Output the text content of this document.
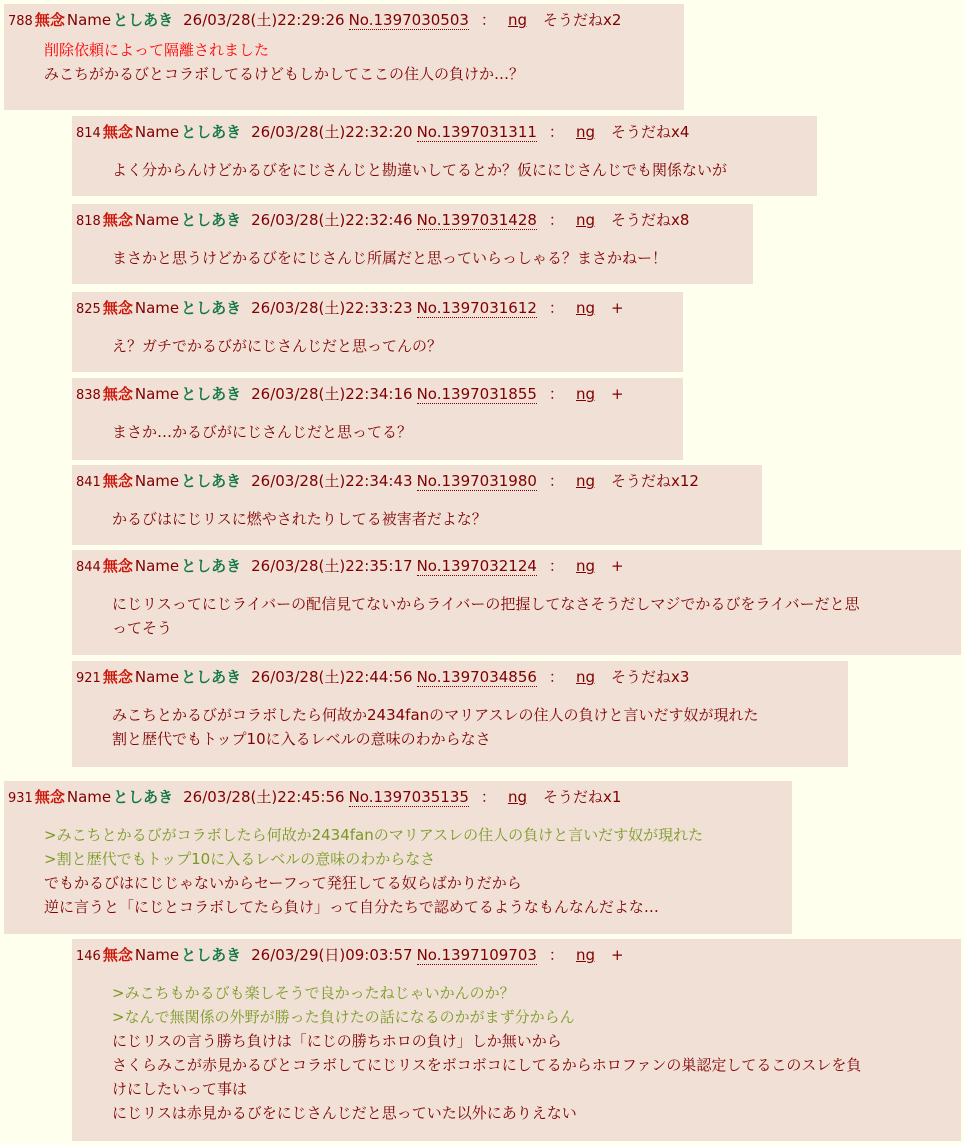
788 無念 Name としあき 26/03/28(土)22:29:26 No.1397030503 ： ng そうだねx2
削除依頼によって隔離されました
みこちがかるびとコラボしてるけどもしかしてここの住人の負けか…？
814 無念 Name としあき 26/03/28(土)22:32:20 No.1397031311 ： ng そうだねx4
よく分からんけどかるびをにじさんじと勘違いしてるとか？仮ににじさんじでも関係ないが
818 無念 Name としあき 26/03/28(土)22:32:46 No.1397031428 ： ng そうだねx8
まさかと思うけどかるびをにじさんじ所属だと思っていらっしゃる？まさかねー！
825 無念 Name としあき 26/03/28(土)22:33:23 No.1397031612 ： ng +
え？ガチでかるびがにじさんじだと思ってんの？
838 無念 Name としあき 26/03/28(土)22:34:16 No.1397031855 ： ng +
まさか…かるびがにじさんじだと思ってる？
841 無念 Name としあき 26/03/28(土)22:34:43 No.1397031980 ： ng そうだねx12
かるびはにじリスに燃やされたりしてる被害者だよな？
844 無念 Name としあき 26/03/28(土)22:35:17 No.1397032124 ： ng +
にじリスってにじライバーの配信見てないからライバーの把握してなさそうだしマジでかるびをライバーだと思
ってそう
921 無念 Name としあき 26/03/28(土)22:44:56 No.1397034856 ： ng そうだねx3
みこちとかるびがコラボしたら何故か2434fanのマリアスレの住人の負けと言いだす奴が現れた
割と歴代でもトップ10に入るレベルの意味のわからなさ
931 無念 Name としあき 26/03/28(土)22:45:56 No.1397035135 ： ng そうだねx1
>みこちとかるびがコラボしたら何故か2434fanのマリアスレの住人の負けと言いだす奴が現れた
>割と歴代でもトップ10に入るレベルの意味のわからなさ
でもかるびはにじじゃないからセーフって発狂してる奴らばかりだから
逆に言うと「にじとコラボしてたら負け」って自分たちで認めてるようなもんなんだよな…
146 無念 Name としあき 26/03/29(日)09:03:57 No.1397109703 ： ng +
>みこちもかるびも楽しそうで良かったねじゃいかんのか？
>なんで無関係の外野が勝った負けたの話になるのかがまず分からん
にじリスの言う勝ち負けは「にじの勝ちホロの負け」しか無いから
さくらみこが赤見かるびとコラボしてにじリスをボコボコにしてるからホロファンの巣認定してるこのスレを負
けにしたいって事は
にじリスは赤見かるびをにじさんじだと思っていた以外にありえない
